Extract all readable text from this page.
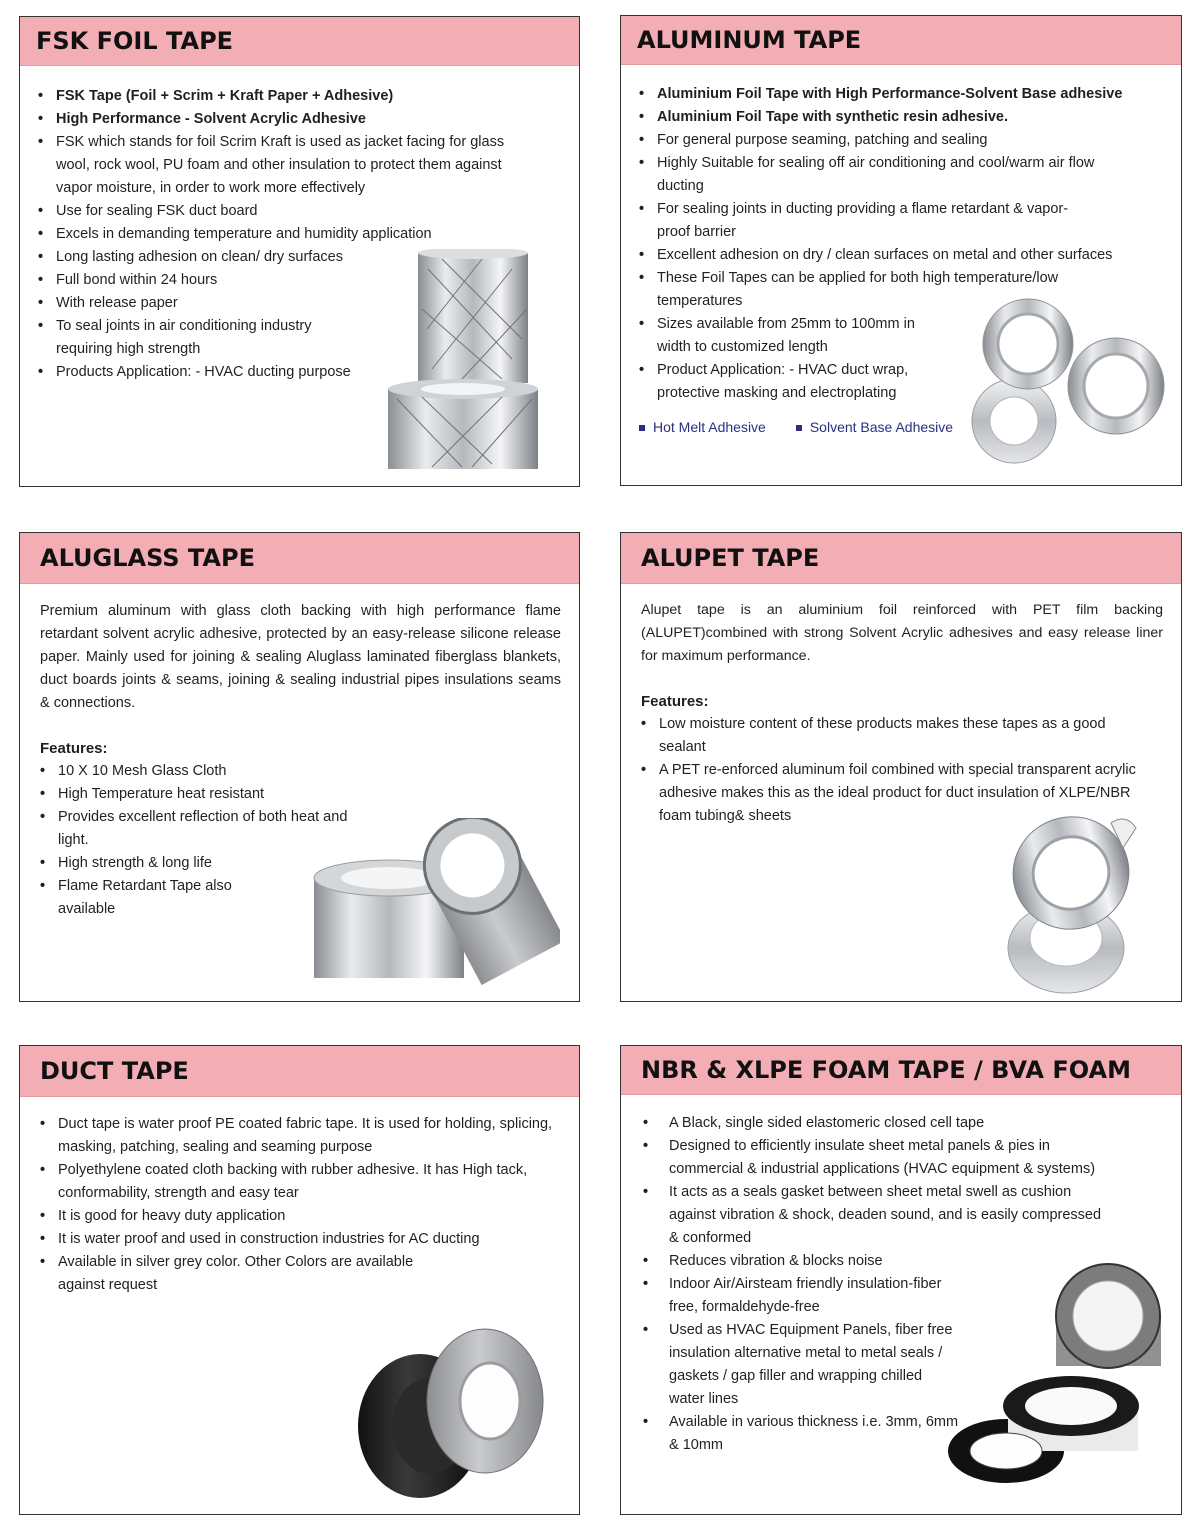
FSK FOIL TAPE
• FSK Tape (Foil + Scrim + Kraft Paper + Adhesive)
• High Performance - Solvent Acrylic Adhesive
• FSK which stands for foil Scrim Kraft is used as jacket facing for glass wool, rock wool, PU foam and other insulation to protect them against vapor moisture, in order to work more effectively
• Use for sealing FSK duct board
• Excels in demanding temperature and humidity application
• Long lasting adhesion on clean/ dry surfaces
• Full bond within 24 hours
• With release paper
• To seal joints in air conditioning industry requiring high strength
• Products Application: - HVAC ducting purpose
ALUMINUM TAPE
• Aluminium Foil Tape with High Performance-Solvent Base adhesive
• Aluminium Foil Tape with synthetic resin adhesive.
• For general purpose seaming, patching and sealing
• Highly Suitable for sealing off air conditioning and cool/warm air flow ducting
• For sealing joints in ducting providing a flame retardant & vapor-proof barrier
• Excellent adhesion on dry / clean surfaces on metal and other surfaces
• These Foil Tapes can be applied for both high temperature/low temperatures
• Sizes available from 25mm to 100mm in width to customized length
• Product Application: - HVAC duct wrap, protective masking and electroplating
Hot Melt Adhesive	Solvent Base Adhesive
ALUGLASS TAPE

Premium aluminum with glass cloth backing with high performance flame retardant solvent acrylic adhesive, protected by an easy-release silicone release paper. Mainly used for joining & sealing Aluglass laminated fiberglass blankets, duct boards joints & seams, joining & sealing industrial pipes insulations seams & connections.

Features:

• 10 X 10 Mesh Glass Cloth
• High Temperature heat resistant
• Provides excellent reflection of both heat and light.
• High strength & long life
• Flame Retardant Tape also available
ALUPET TAPE

Alupet tape is an aluminium foil reinforced with PET film backing (ALUPET)combined with strong Solvent Acrylic adhesives and easy release liner for maximum performance.

Features:

• Low moisture content of these products makes these tapes as a good sealant
• A PET re-enforced aluminum foil combined with special transparent acrylic adhesive makes this as the ideal product for duct insulation of XLPE/NBR foam tubing& sheets
DUCT TAPE
• Duct tape is water proof PE coated fabric tape. It is used for holding, splicing, masking, patching, sealing and seaming purpose
• Polyethylene coated cloth backing with rubber adhesive. It has High tack, conformability, strength and easy tear
• It is good for heavy duty application
• It is water proof and used in construction industries for AC ducting
• Available in silver grey color. Other Colors are available against request
NBR & XLPE FOAM TAPE / BVA FOAM
• A Black, single sided elastomeric closed cell tape
• Designed to efficiently insulate sheet metal panels & pies in commercial & industrial applications (HVAC equipment & systems)
• It acts as a seals gasket between sheet metal swell as cushion against vibration & shock, deaden sound, and is easily compressed & conformed
• Reduces vibration & blocks noise
• Indoor Air/Airsteam friendly insulation-fiber free, formaldehyde-free
• Used as HVAC Equipment Panels, fiber free insulation alternative metal to metal seals / gaskets / gap filler and wrapping chilled water lines
• Available in various thickness i.e. 3mm, 6mm & 10mm
